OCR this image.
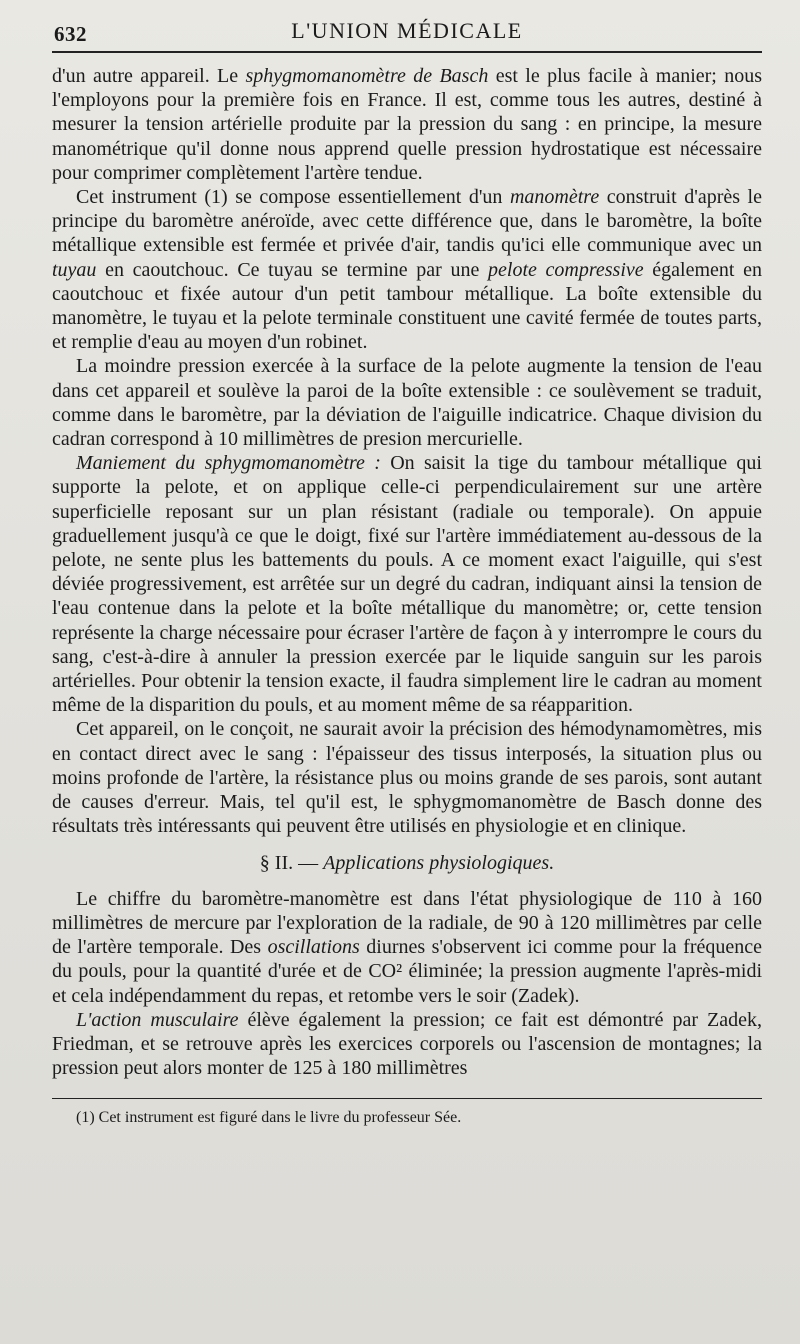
632	L'UNION MÉDICALE

d'un autre appareil. Le sphygmomanomètre de Basch est le plus facile à manier; nous l'employons pour la première fois en France. Il est, comme tous les autres, destiné à mesurer la tension artérielle produite par la pression du sang : en principe, la mesure manométrique qu'il donne nous apprend quelle pression hydrostatique est nécessaire pour comprimer complètement l'artère tendue.

Cet instrument (1) se compose essentiellement d'un manomètre construit d'après le principe du baromètre anéroïde, avec cette différence que, dans le baromètre, la boîte métallique extensible est fermée et privée d'air, tandis qu'ici elle communique avec un tuyau en caoutchouc. Ce tuyau se termine par une pelote compressive également en caoutchouc et fixée autour d'un petit tambour métallique. La boîte extensible du manomètre, le tuyau et la pelote terminale constituent une cavité fermée de toutes parts, et remplie d'eau au moyen d'un robinet.

La moindre pression exercée à la surface de la pelote augmente la tension de l'eau dans cet appareil et soulève la paroi de la boîte extensible : ce soulèvement se traduit, comme dans le baromètre, par la déviation de l'aiguille indicatrice. Chaque division du cadran correspond à 10 millimètres de presion mercurielle.

Maniement du sphygmomanomètre : On saisit la tige du tambour métallique qui supporte la pelote, et on applique celle-ci perpendiculairement sur une artère superficielle reposant sur un plan résistant (radiale ou temporale). On appuie graduellement jusqu'à ce que le doigt, fixé sur l'artère immédiatement au-dessous de la pelote, ne sente plus les battements du pouls. A ce moment exact l'aiguille, qui s'est déviée progressivement, est arrêtée sur un degré du cadran, indiquant ainsi la tension de l'eau contenue dans la pelote et la boîte métallique du manomètre; or, cette tension représente la charge nécessaire pour écraser l'artère de façon à y interrompre le cours du sang, c'est-à-dire à annuler la pression exercée par le liquide sanguin sur les parois artérielles. Pour obtenir la tension exacte, il faudra simplement lire le cadran au moment même de la disparition du pouls, et au moment même de sa réapparition.

Cet appareil, on le conçoit, ne saurait avoir la précision des hémodynamomètres, mis en contact direct avec le sang : l'épaisseur des tissus interposés, la situation plus ou moins profonde de l'artère, la résistance plus ou moins grande de ses parois, sont autant de causes d'erreur. Mais, tel qu'il est, le sphygmomanomètre de Basch donne des résultats très intéressants qui peuvent être utilisés en physiologie et en clinique.

§ II. — Applications physiologiques.

Le chiffre du baromètre-manomètre est dans l'état physiologique de 110 à 160 millimètres de mercure par l'exploration de la radiale, de 90 à 120 millimètres par celle de l'artère temporale. Des oscillations diurnes s'observent ici comme pour la fréquence du pouls, pour la quantité d'urée et de CO² éliminée; la pression augmente l'après-midi et cela indépendamment du repas, et retombe vers le soir (Zadek).

L'action musculaire élève également la pression; ce fait est démontré par Zadek, Friedman, et se retrouve après les exercices corporels ou l'ascension de montagnes; la pression peut alors monter de 125 à 180 millimètres

(1) Cet instrument est figuré dans le livre du professeur Sée.
